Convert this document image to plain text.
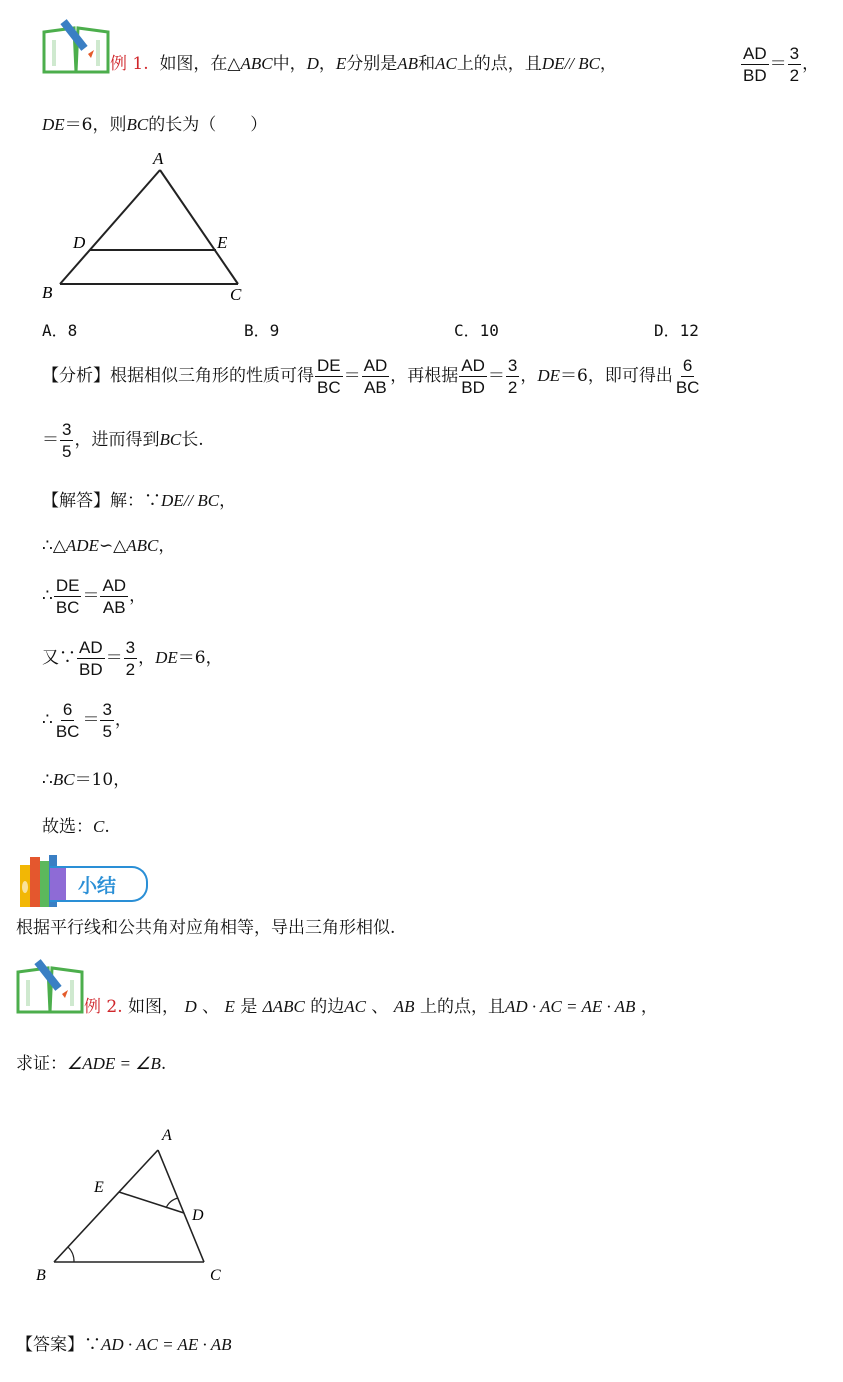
例 1. 如图，在△ABC中，D，E分别是AB和AC上的点，且DE// BC，	$\frac{AD}{BD} = \frac{3}{2}$ ，
DE＝6，则BC的长为（　　）
A
D	E
B	C
A．8	B．9	C．10	D．12
【分析】根据相似三角形的性质可得 $\frac{DE}{BC} = \frac{AD}{AB}$ ，再根据 $\frac{AD}{BD} = \frac{3}{2}$ ，DE＝6，即可得出 $\frac{6}{BC}$
＝ $\frac{3}{5}$ ，进而得到BC长.
【解答】解：∵DE// BC，
∴△ADE∽△ABC，
∴ $\frac{DE}{BC} = \frac{AD}{AB}$ ，
又∵ $\frac{AD}{BD} = \frac{3}{2}$ ，DE＝6，
∴ $\frac{6}{BC} = \frac{3}{5}$ ，
∴BC＝10，
故选：C.
小结
根据平行线和公共角对应角相等，导出三角形相似.
例 2. 如图， D 、 E 是 ΔABC 的边AC 、 AB 上的点，且AD · AC = AE · AB ，
求证：∠ADE = ∠B.
A
E
D
B	C
【答案】∵AD · AC = AE · AB
